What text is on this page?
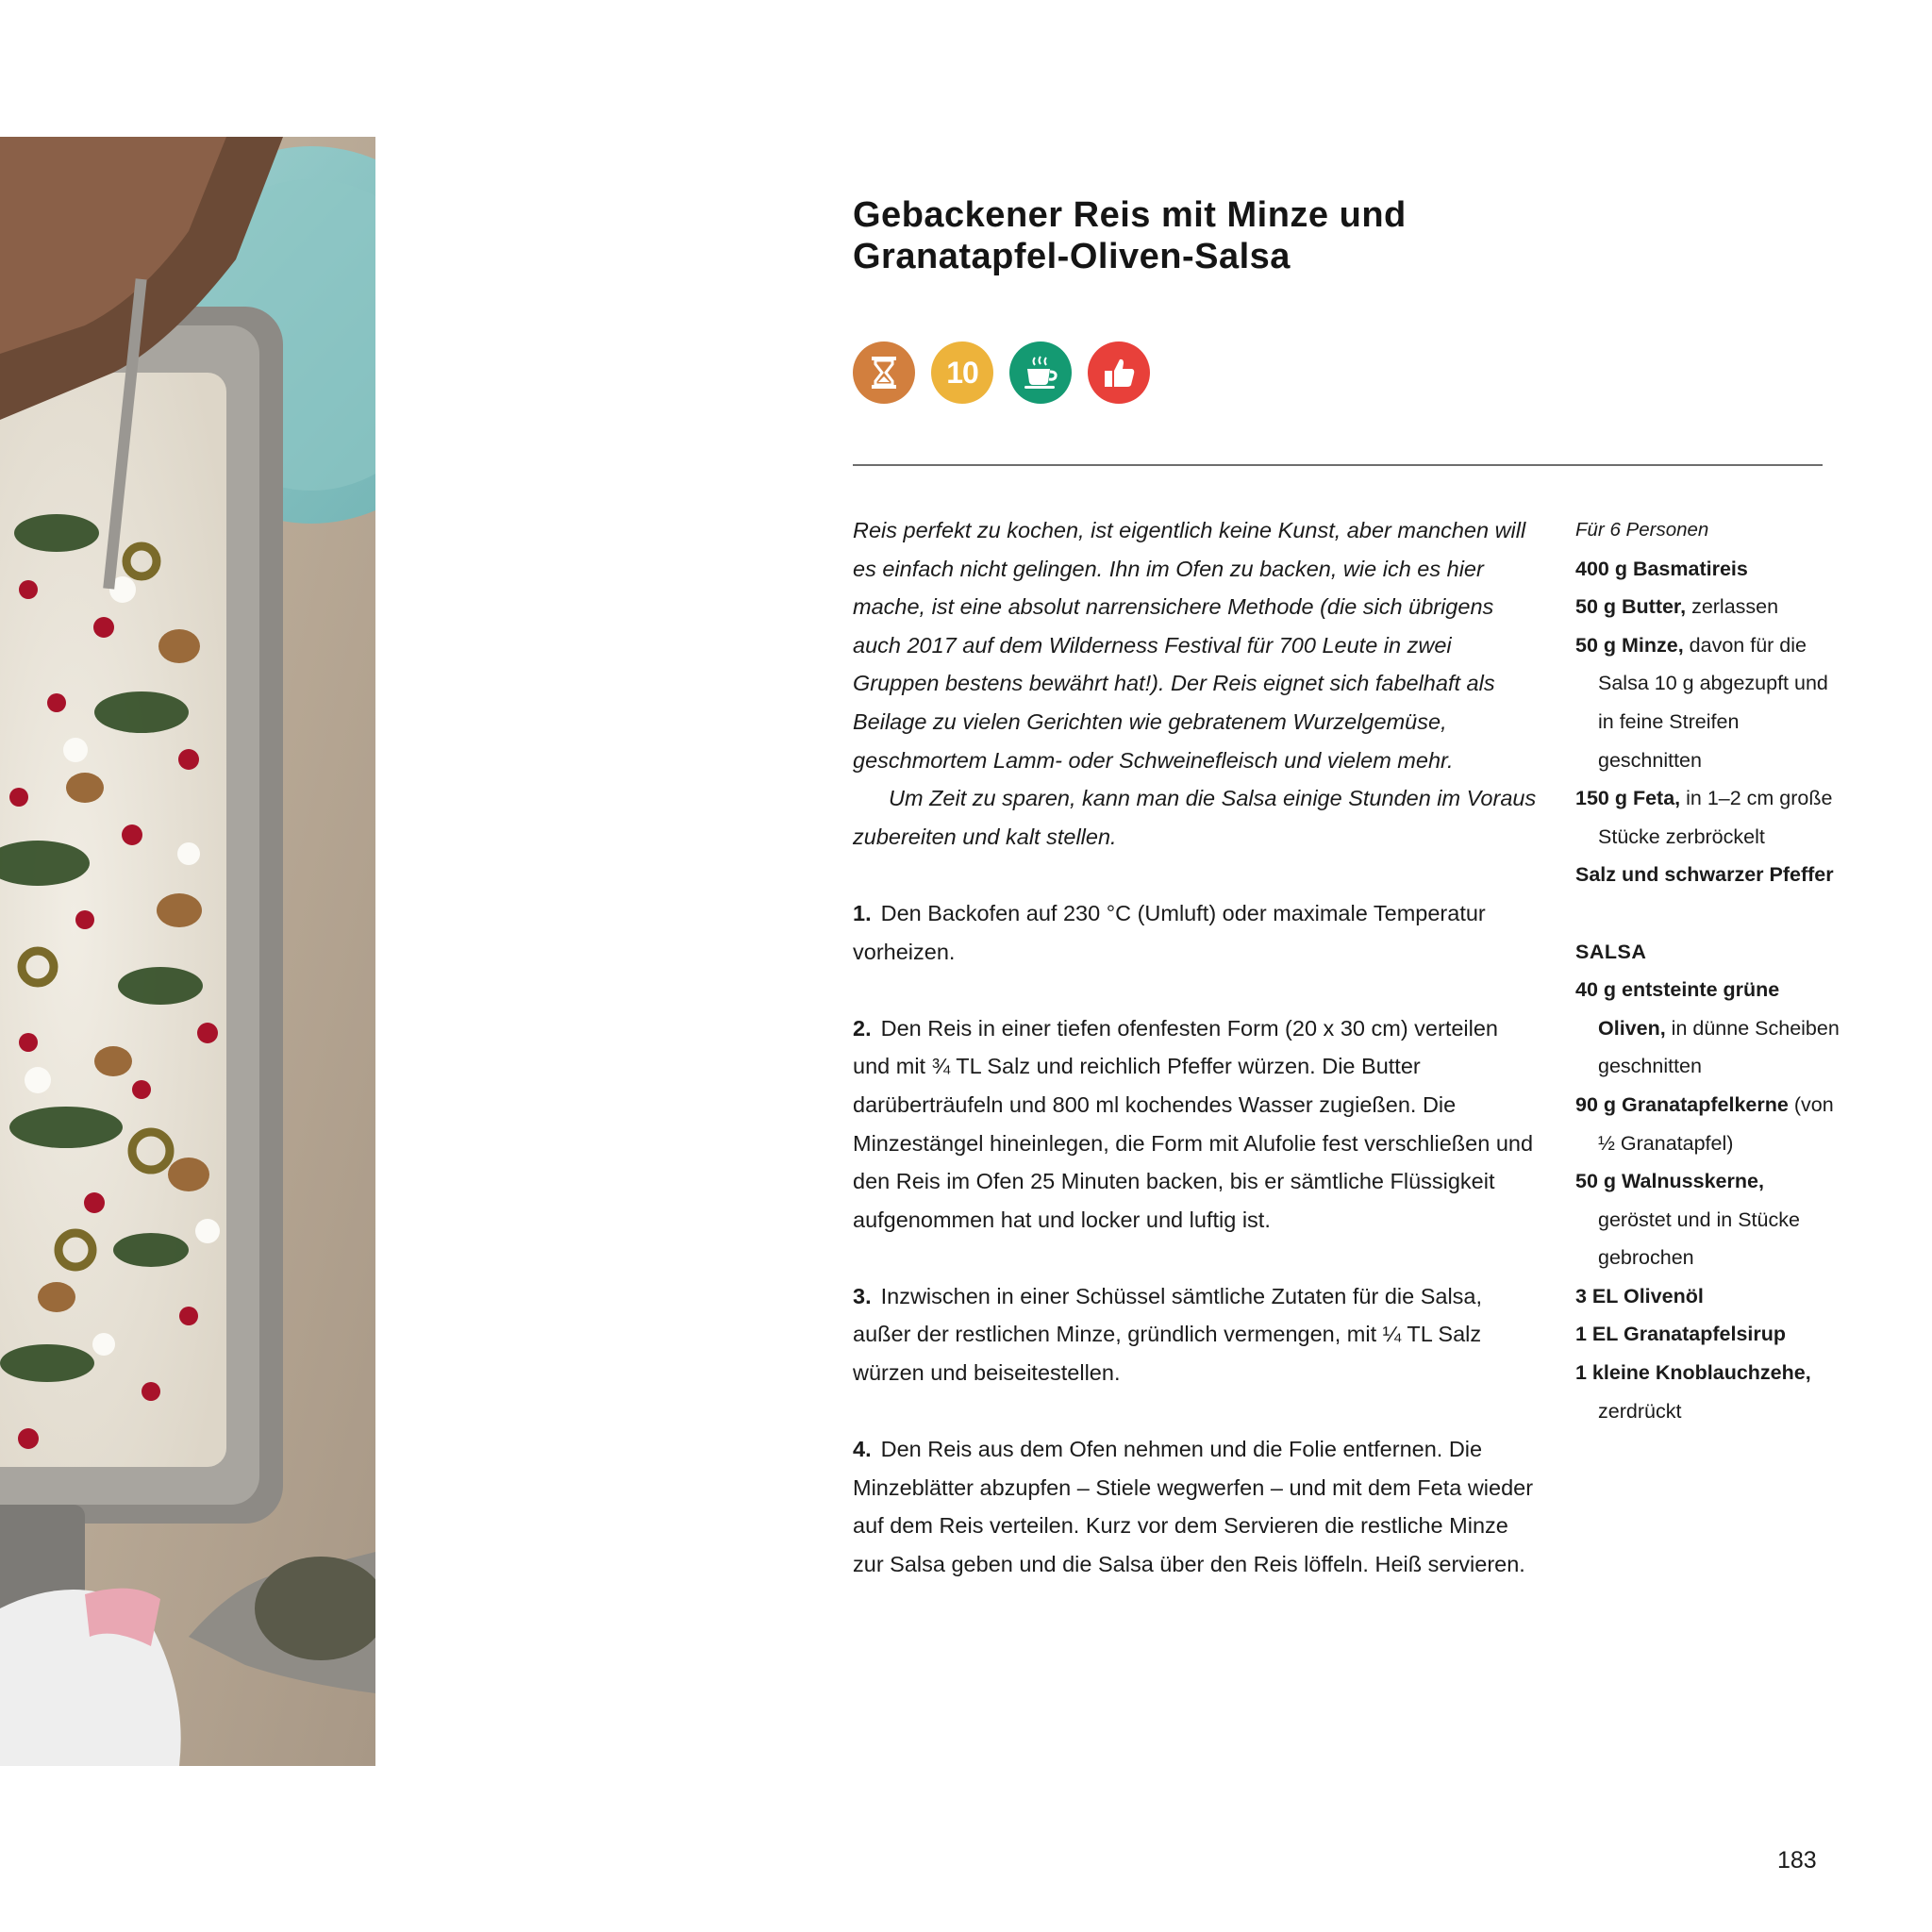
Gebackener Reis mit Minze und
Granatapfel-Oliven-Salsa
10

Reis perfekt zu kochen, ist eigentlich keine Kunst, aber manchen will es einfach nicht gelingen. Ihn im Ofen zu backen, wie ich es hier mache, ist eine absolut narrensichere Methode (die sich übrigens auch 2017 auf dem Wilderness Festival für 700 Leute in zwei Gruppen bestens bewährt hat!). Der Reis eignet sich fabelhaft als Beilage zu vielen Gerichten wie gebratenem Wurzelgemüse, geschmortem Lamm- oder Schweinefleisch und vielem mehr.

Um Zeit zu sparen, kann man die Salsa einige Stunden im Voraus zubereiten und kalt stellen.

1. Den Backofen auf 230 °C (Umluft) oder maximale Temperatur vorheizen.

2. Den Reis in einer tiefen ofenfesten Form (20 x 30 cm) verteilen und mit ¾ TL Salz und reichlich Pfeffer würzen. Die Butter darüberträufeln und 800 ml kochendes Wasser zugießen. Die Minzestängel hineinlegen, die Form mit Alufolie fest verschließen und den Reis im Ofen 25 Minuten backen, bis er sämtliche Flüssigkeit aufgenommen hat und locker und luftig ist.

3. Inzwischen in einer Schüssel sämtliche Zutaten für die Salsa, außer der restlichen Minze, gründlich vermengen, mit ¼ TL Salz würzen und beiseitestellen.

4. Den Reis aus dem Ofen nehmen und die Folie entfernen. Die Minzeblätter abzupfen – Stiele wegwerfen – und mit dem Feta wieder auf dem Reis verteilen. Kurz vor dem Servieren die restliche Minze zur Salsa geben und die Salsa über den Reis löffeln. Heiß servieren.

Für 6 Personen
400 g Basmatireis
50 g Butter, zerlassen
50 g Minze, davon für die Salsa 10 g abgezupft und in feine Streifen geschnitten
150 g Feta, in 1–2 cm große Stücke zerbröckelt
Salz und schwarzer Pfeffer
SALSA
40 g entsteinte grüne Oliven, in dünne Scheiben geschnitten
90 g Granatapfelkerne (von ½ Granatapfel)
50 g Walnusskerne, geröstet und in Stücke gebrochen
3 EL Olivenöl
1 EL Granatapfelsirup
1 kleine Knoblauchzehe, zerdrückt
183
